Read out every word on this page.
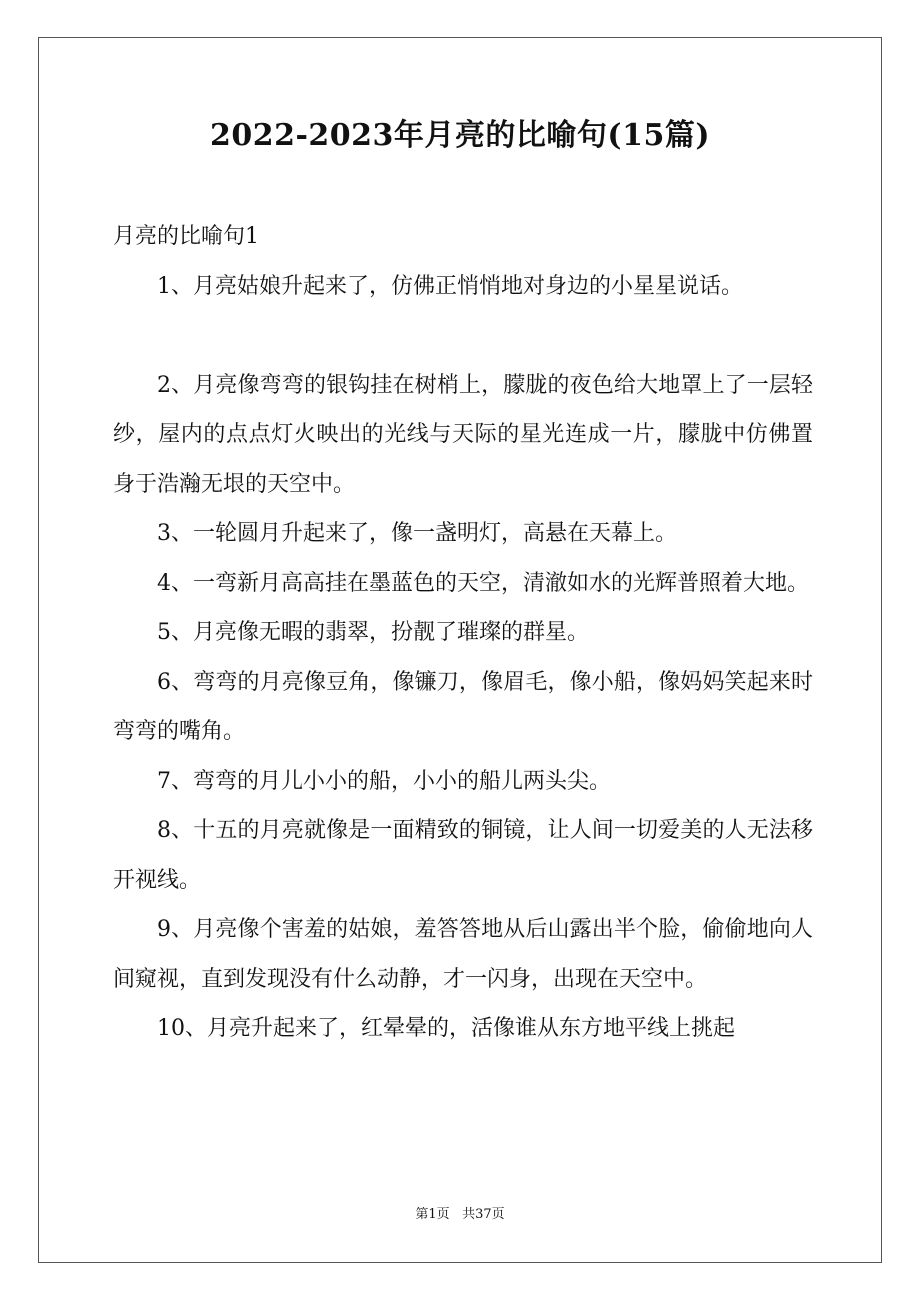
2022-2023年月亮的比喻句(15篇)

月亮的比喻句1

1、月亮姑娘升起来了，仿佛正悄悄地对身边的小星星说话。

2、月亮像弯弯的银钩挂在树梢上，朦胧的夜色给大地罩上了一层轻纱，屋内的点点灯火映出的光线与天际的星光连成一片，朦胧中仿佛置身于浩瀚无垠的天空中。

3、一轮圆月升起来了，像一盏明灯，高悬在天幕上。

4、一弯新月高高挂在墨蓝色的天空，清澈如水的光辉普照着大地。

5、月亮像无暇的翡翠，扮靓了璀璨的群星。

6、弯弯的月亮像豆角，像镰刀，像眉毛，像小船，像妈妈笑起来时弯弯的嘴角。

7、弯弯的月儿小小的船，小小的船儿两头尖。

8、十五的月亮就像是一面精致的铜镜，让人间一切爱美的人无法移开视线。

9、月亮像个害羞的姑娘，羞答答地从后山露出半个脸，偷偷地向人间窥视，直到发现没有什么动静，才一闪身，出现在天空中。

10、月亮升起来了，红晕晕的，活像谁从东方地平线上挑起

第1页 共37页
